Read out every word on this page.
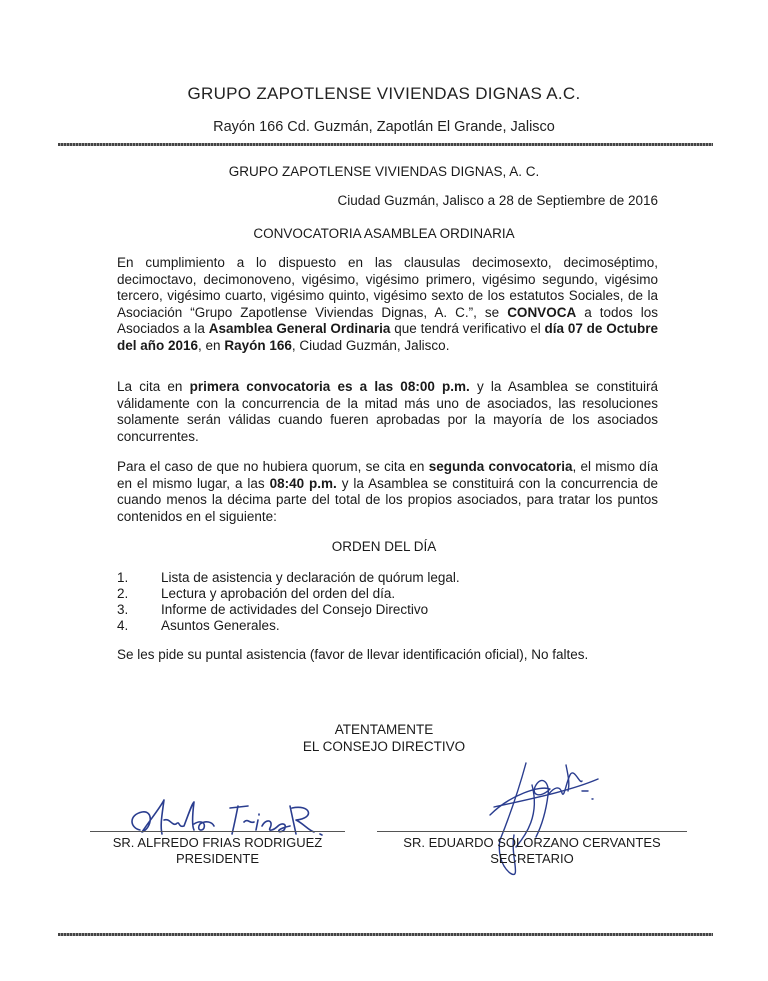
GRUPO ZAPOTLENSE VIVIENDAS DIGNAS A.C.
Rayón 166 Cd. Guzmán, Zapotlán El Grande, Jalisco
GRUPO ZAPOTLENSE VIVIENDAS DIGNAS, A. C.
Ciudad Guzmán, Jalisco a 28 de Septiembre de 2016
CONVOCATORIA ASAMBLEA ORDINARIA

En cumplimiento a lo dispuesto en las clausulas decimosexto, decimoséptimo, decimoctavo, decimonoveno, vigésimo, vigésimo primero, vigésimo segundo, vigésimo tercero, vigésimo cuarto, vigésimo quinto, vigésimo sexto de los estatutos Sociales, de la Asociación “Grupo Zapotlense Viviendas Dignas, A. C.”, se CONVOCA a todos los Asociados a la Asamblea General Ordinaria que tendrá verificativo el día 07 de Octubre del año 2016, en Rayón 166, Ciudad Guzmán, Jalisco.

La cita en primera convocatoria es a las 08:00 p.m. y la Asamblea se constituirá válidamente con la concurrencia de la mitad más uno de asociados, las resoluciones solamente serán válidas cuando fueren aprobadas por la mayoría de los asociados concurrentes.

Para el caso de que no hubiera quorum, se cita en segunda convocatoria, el mismo día en el mismo lugar, a las 08:40 p.m. y la Asamblea se constituirá con la concurrencia de cuando menos la décima parte del total de los propios asociados, para tratar los puntos contenidos en el siguiente:

ORDEN DEL DÍA
1.	Lista de asistencia y declaración de quórum legal.
2.	Lectura y aprobación del orden del día.
3.	Informe de actividades del Consejo Directivo
4.	Asuntos Generales.
Se les pide su puntal asistencia (favor de llevar identificación oficial), No faltes.
ATENTAMENTE
EL CONSEJO DIRECTIVO
SR. ALFREDO FRIAS RODRIGUEZ
PRESIDENTE
SR. EDUARDO SOLORZANO CERVANTES
SECRETARIO
